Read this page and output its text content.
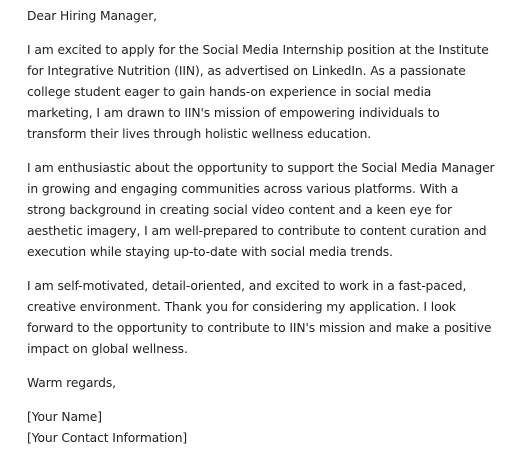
Dear Hiring Manager,

I am excited to apply for the Social Media Internship position at the Institute for Integrative Nutrition (IIN), as advertised on LinkedIn. As a passionate college student eager to gain hands-on experience in social media marketing, I am drawn to IIN's mission of empowering individuals to transform their lives through holistic wellness education.

I am enthusiastic about the opportunity to support the Social Media Manager in growing and engaging communities across various platforms. With a strong background in creating social video content and a keen eye for aesthetic imagery, I am well-prepared to contribute to content curation and execution while staying up-to-date with social media trends.

I am self-motivated, detail-oriented, and excited to work in a fast-paced, creative environment. Thank you for considering my application. I look forward to the opportunity to contribute to IIN's mission and make a positive impact on global wellness.

Warm regards,

[Your Name]
[Your Contact Information]
